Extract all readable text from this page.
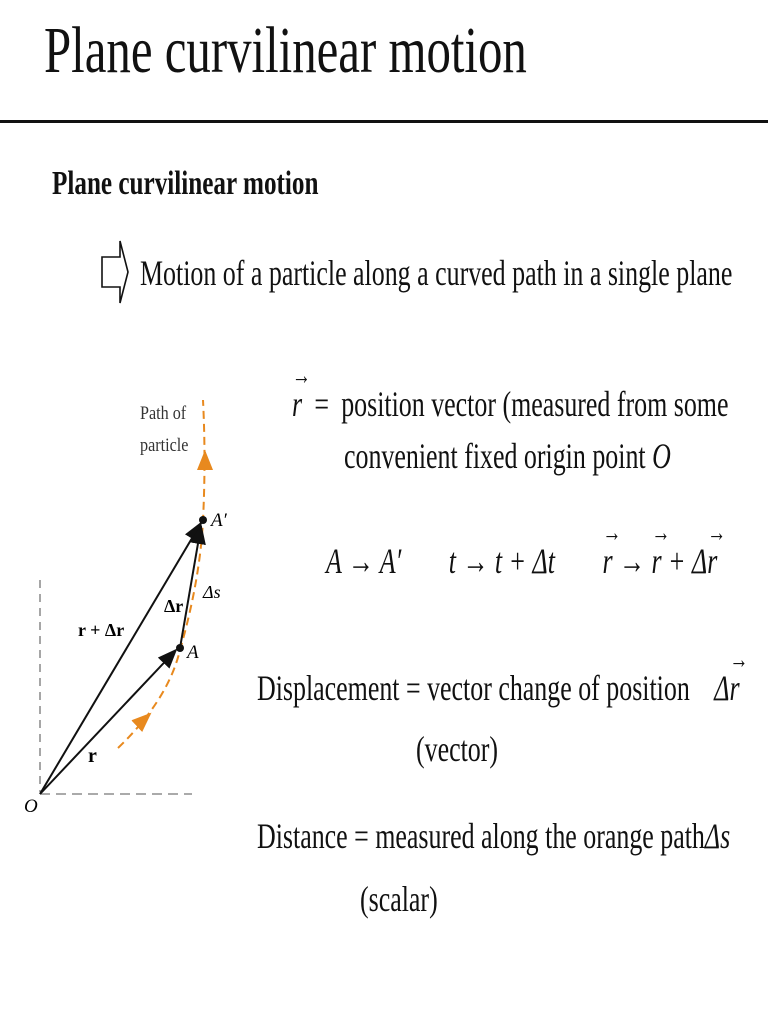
Plane curvilinear motion
Plane curvilinear motion
Motion of a particle along a curved path in a single plane
Path of
particle
A′
A
O
r
r + Δr
Δr
Δs
→ r = position vector (measured from some
convenient fixed origin point O
A → A′ t → t + Δt  → r → → r + Δ→ r
Displacement = vector change of position Δ→ r
(vector)
Distance = measured along the orange pathΔs
(scalar)
